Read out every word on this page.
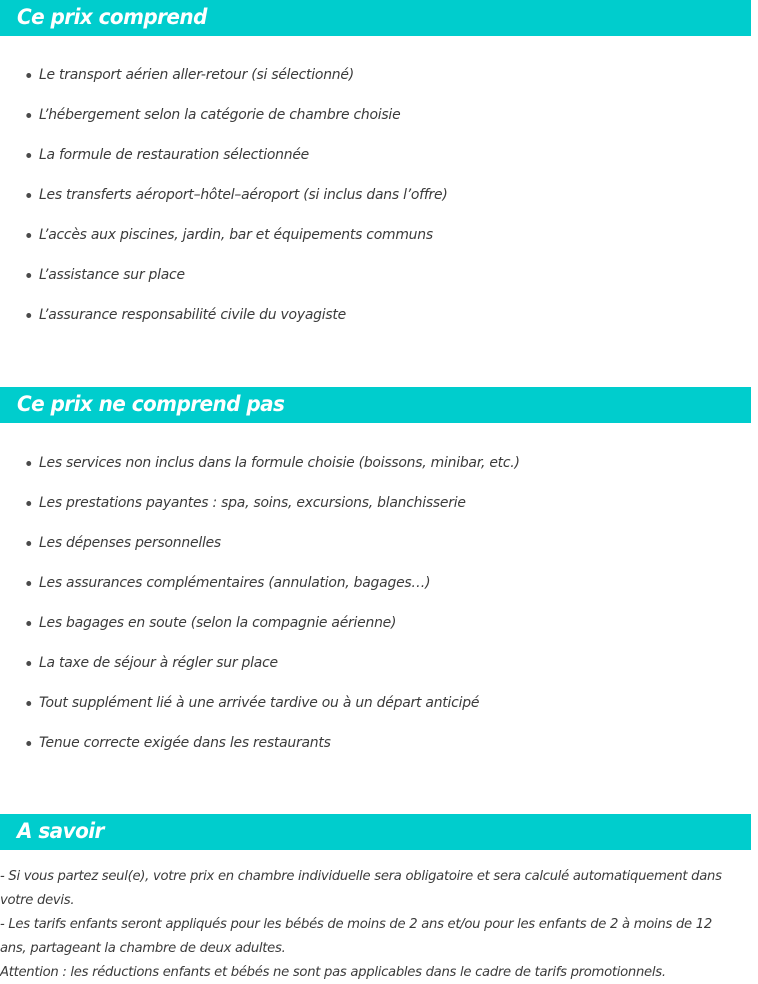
Ce prix comprend
Le transport aérien aller-retour (si sélectionné)
L’hébergement selon la catégorie de chambre choisie
La formule de restauration sélectionnée
Les transferts aéroport–hôtel–aéroport (si inclus dans l’offre)
L’accès aux piscines, jardin, bar et équipements communs
L’assistance sur place
L’assurance responsabilité civile du voyagiste
Ce prix ne comprend pas
Les services non inclus dans la formule choisie (boissons, minibar, etc.)
Les prestations payantes : spa, soins, excursions, blanchisserie
Les dépenses personnelles
Les assurances complémentaires (annulation, bagages…)
Les bagages en soute (selon la compagnie aérienne)
La taxe de séjour à régler sur place
Tout supplément lié à une arrivée tardive ou à un départ anticipé
Tenue correcte exigée dans les restaurants
A savoir

- Si vous partez seul(e), votre prix en chambre individuelle sera obligatoire et sera calculé automatiquement dans votre devis.

- Les tarifs enfants seront appliqués pour les bébés de moins de 2 ans et/ou pour les enfants de 2 à moins de 12 ans, partageant la chambre de deux adultes.

Attention : les réductions enfants et bébés ne sont pas applicables dans le cadre de tarifs promotionnels.
